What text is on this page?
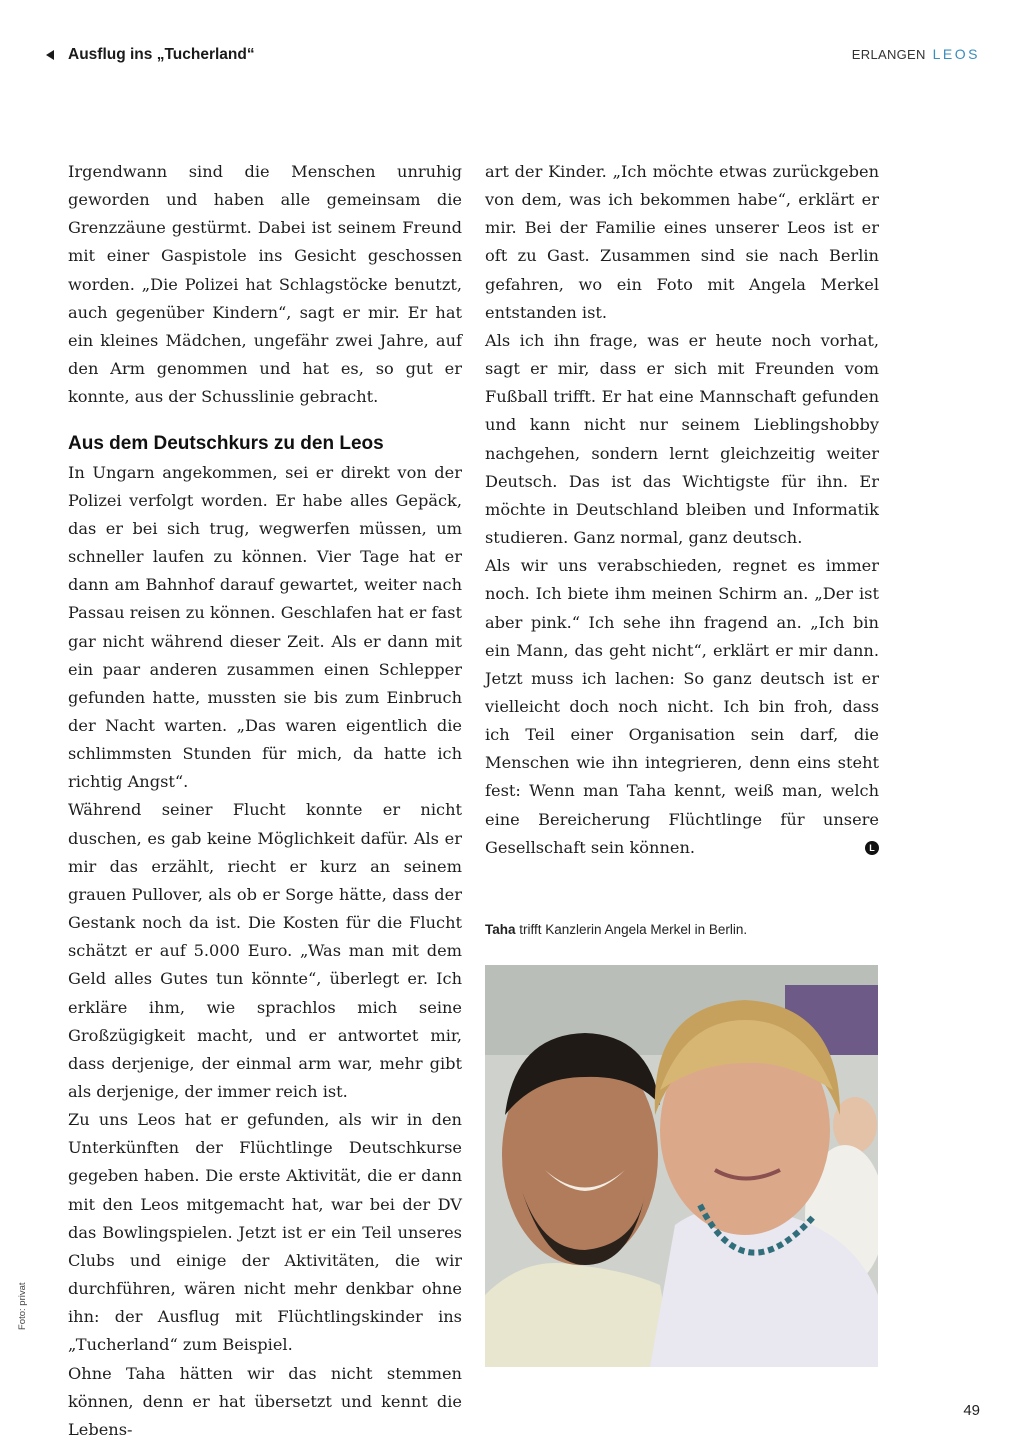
Ausflug ins „Tucherland“	ERLANGEN LEOS

Irgendwann sind die Menschen unruhig geworden und haben alle gemeinsam die Grenzzäune gestürmt. Dabei ist seinem Freund mit einer Gaspistole ins Gesicht geschossen worden. „Die Polizei hat Schlagstöcke benutzt, auch gegenüber Kindern“, sagt er mir. Er hat ein kleines Mädchen, ungefähr zwei Jahre, auf den Arm genommen und hat es, so gut er konnte, aus der Schusslinie gebracht.

Aus dem Deutschkurs zu den Leos

In Ungarn angekommen, sei er direkt von der Polizei verfolgt worden. Er habe alles Gepäck, das er bei sich trug, wegwerfen müssen, um schneller laufen zu können. Vier Tage hat er dann am Bahnhof darauf gewartet, weiter nach Passau reisen zu können. Geschlafen hat er fast gar nicht während dieser Zeit. Als er dann mit ein paar anderen zusammen einen Schlepper gefunden hatte, mussten sie bis zum Einbruch der Nacht warten. „Das waren eigentlich die schlimmsten Stunden für mich, da hatte ich richtig Angst“.

Während seiner Flucht konnte er nicht duschen, es gab keine Möglichkeit dafür. Als er mir das erzählt, riecht er kurz an seinem grauen Pullover, als ob er Sorge hätte, dass der Gestank noch da ist. Die Kosten für die Flucht schätzt er auf 5.000 Euro. „Was man mit dem Geld alles Gutes tun könnte“, überlegt er. Ich erkläre ihm, wie sprachlos mich seine Großzügigkeit macht, und er antwortet mir, dass derjenige, der einmal arm war, mehr gibt als derjenige, der immer reich ist.

Zu uns Leos hat er gefunden, als wir in den Unterkünften der Flüchtlinge Deutschkurse gegeben haben. Die erste Aktivität, die er dann mit den Leos mitgemacht hat, war bei der DV das Bowlingspielen. Jetzt ist er ein Teil unseres Clubs und einige der Aktivitäten, die wir durchführen, wären nicht mehr denkbar ohne ihn: der Ausflug mit Flüchtlingskinder ins „Tucherland“ zum Beispiel.

Ohne Taha hätten wir das nicht stemmen können, denn er hat übersetzt und kennt die Lebens-

art der Kinder. „Ich möchte etwas zurückgeben von dem, was ich bekommen habe“, erklärt er mir. Bei der Familie eines unserer Leos ist er oft zu Gast. Zusammen sind sie nach Berlin gefahren, wo ein Foto mit Angela Merkel entstanden ist.

Als ich ihn frage, was er heute noch vorhat, sagt er mir, dass er sich mit Freunden vom Fußball trifft. Er hat eine Mannschaft gefunden und kann nicht nur seinem Lieblingshobby nachgehen, sondern lernt gleichzeitig weiter Deutsch. Das ist das Wichtigste für ihn. Er möchte in Deutschland bleiben und Informatik studieren. Ganz normal, ganz deutsch.

Als wir uns verabschieden, regnet es immer noch. Ich biete ihm meinen Schirm an. „Der ist aber pink.“ Ich sehe ihn fragend an. „Ich bin ein Mann, das geht nicht“, erklärt er mir dann. Jetzt muss ich lachen: So ganz deutsch ist er vielleicht doch noch nicht. Ich bin froh, dass ich Teil einer Organisation sein darf, die Menschen wie ihn integrieren, denn eins steht fest: Wenn man Taha kennt, weiß man, welch eine Bereicherung Flüchtlinge für unsere Gesellschaft sein können.	L

Taha trifft Kanzlerin Angela Merkel in Berlin.
Foto: privat
49
